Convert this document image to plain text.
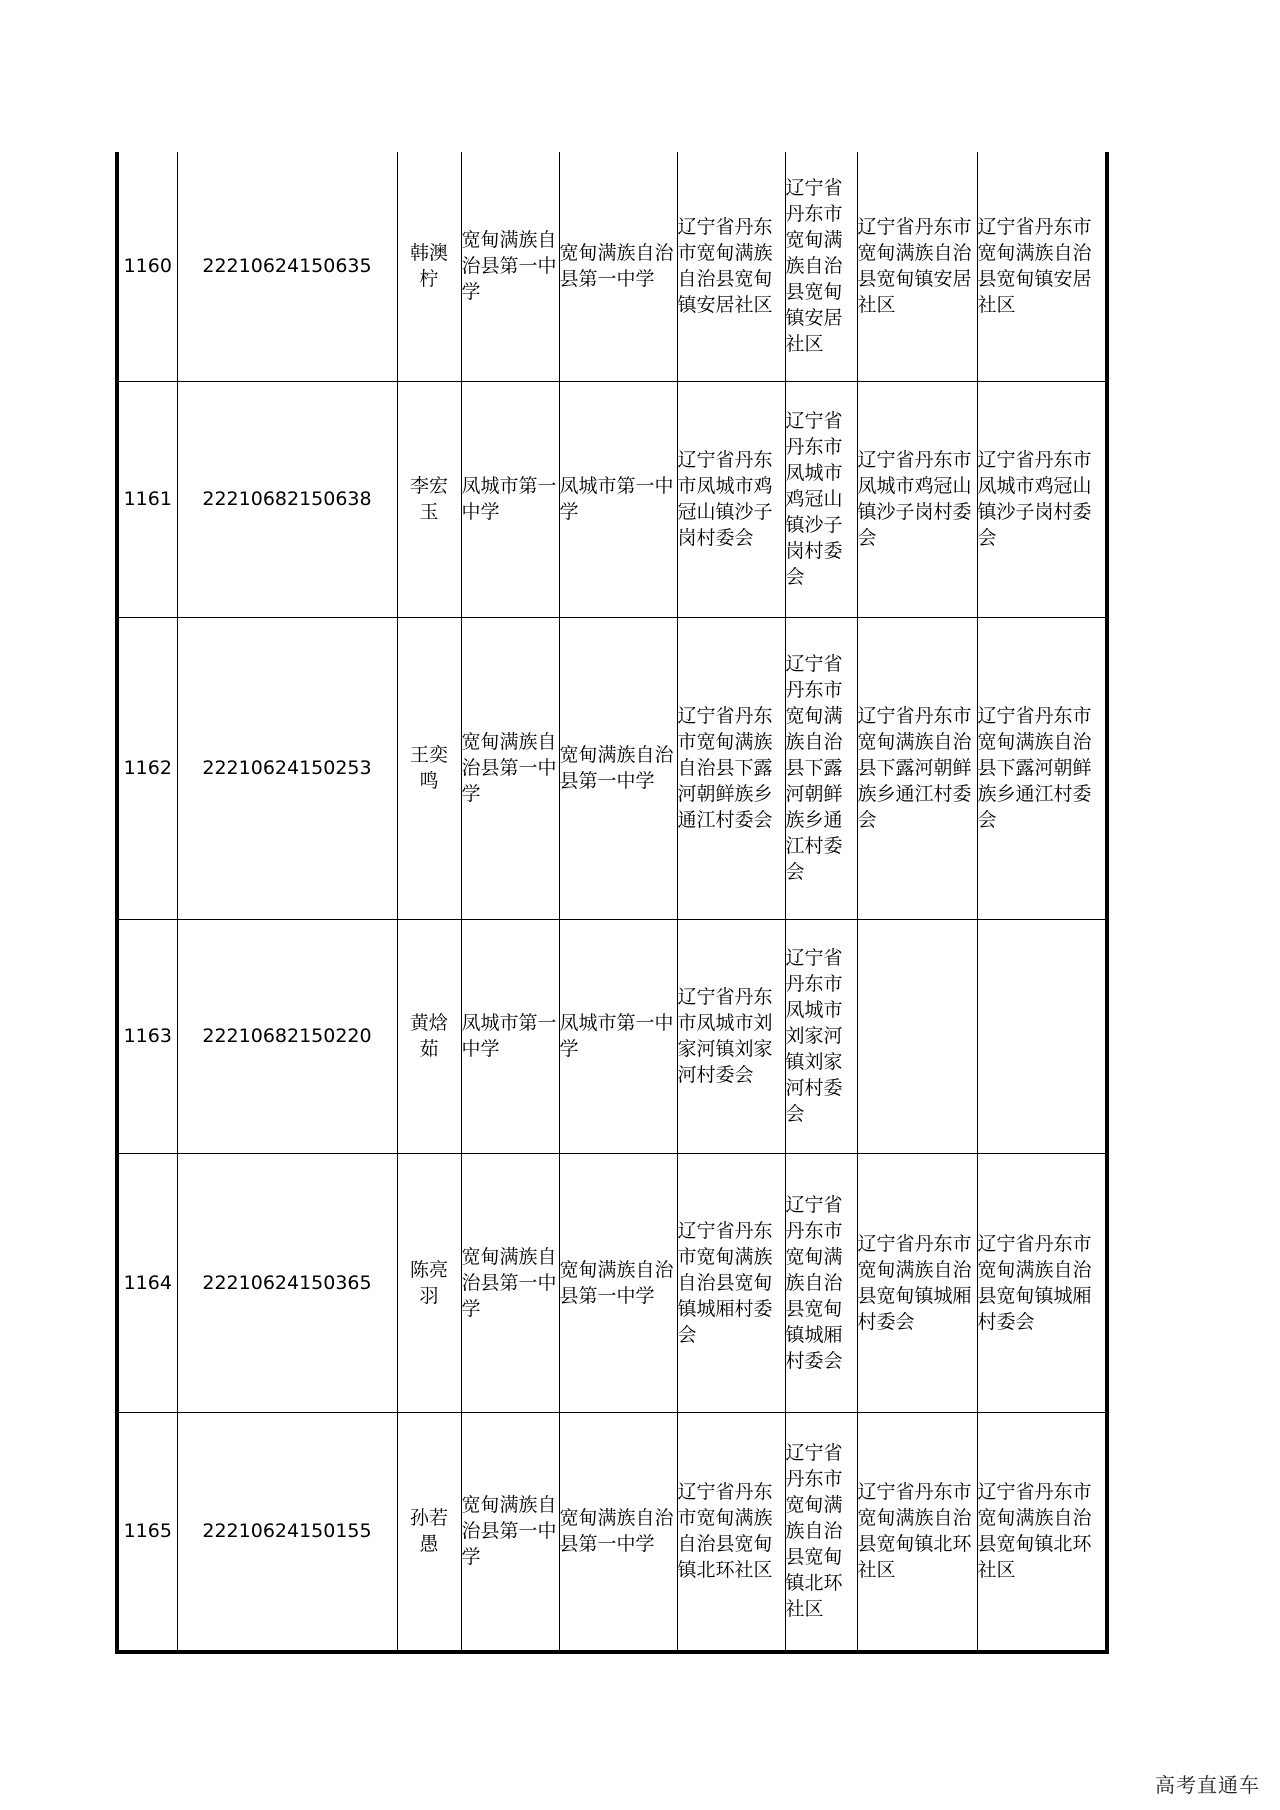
1160	22210624150635	韩澳柠	宽甸满族自治县第一中学	宽甸满族自治县第一中学	辽宁省丹东市宽甸满族自治县宽甸镇安居社区	辽宁省丹东市宽甸满族自治县宽甸镇安居社区	辽宁省丹东市宽甸满族自治县宽甸镇安居社区	辽宁省丹东市宽甸满族自治县宽甸镇安居社区
1161	22210682150638	李宏玉	凤城市第一中学	凤城市第一中学	辽宁省丹东市凤城市鸡冠山镇沙子岗村委会	辽宁省丹东市凤城市鸡冠山镇沙子岗村委会	辽宁省丹东市凤城市鸡冠山镇沙子岗村委会	辽宁省丹东市凤城市鸡冠山镇沙子岗村委会
1162	22210624150253	王奕鸣	宽甸满族自治县第一中学	宽甸满族自治县第一中学	辽宁省丹东市宽甸满族自治县下露河朝鲜族乡通江村委会	辽宁省丹东市宽甸满族自治县下露河朝鲜族乡通江村委会	辽宁省丹东市宽甸满族自治县下露河朝鲜族乡通江村委会	辽宁省丹东市宽甸满族自治县下露河朝鲜族乡通江村委会
1163	22210682150220	黄焓茹	凤城市第一中学	凤城市第一中学	辽宁省丹东市凤城市刘家河镇刘家河村委会	辽宁省丹东市凤城市刘家河镇刘家河村委会		
1164	22210624150365	陈亮羽	宽甸满族自治县第一中学	宽甸满族自治县第一中学	辽宁省丹东市宽甸满族自治县宽甸镇城厢村委会	辽宁省丹东市宽甸满族自治县宽甸镇城厢村委会	辽宁省丹东市宽甸满族自治县宽甸镇城厢村委会	辽宁省丹东市宽甸满族自治县宽甸镇城厢村委会
1165	22210624150155	孙若愚	宽甸满族自治县第一中学	宽甸满族自治县第一中学	辽宁省丹东市宽甸满族自治县宽甸镇北环社区	辽宁省丹东市宽甸满族自治县宽甸镇北环社区	辽宁省丹东市宽甸满族自治县宽甸镇北环社区	辽宁省丹东市宽甸满族自治县宽甸镇北环社区
高考直通车
